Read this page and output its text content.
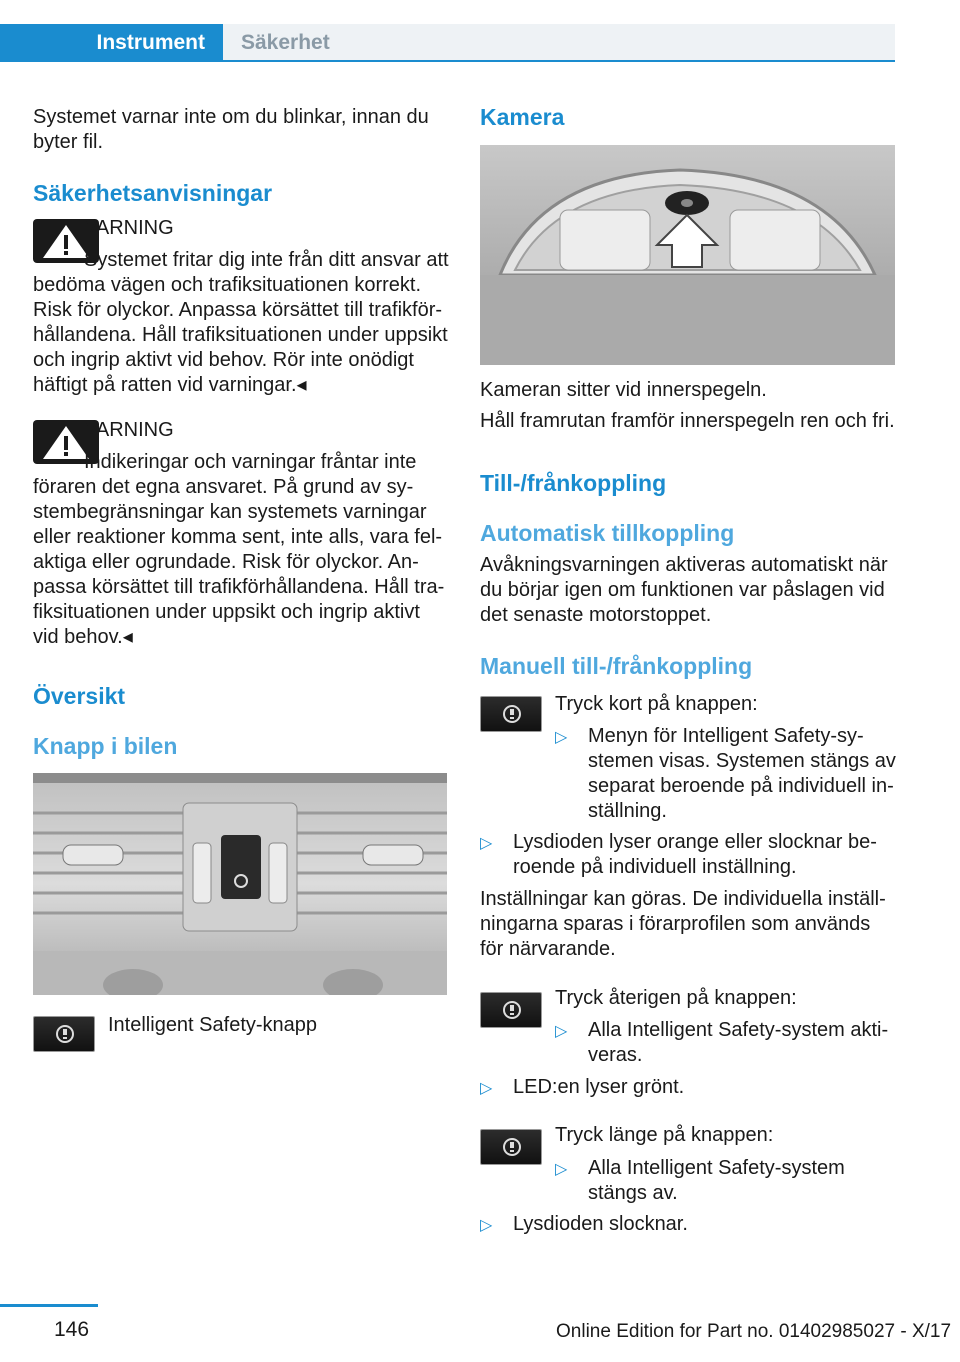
Instrument	Säkerhet

Systemet varnar inte om du blinkar, innan du byter fil.

Säkerhetsanvisningar

VARNING

Systemet fritar dig inte från ditt ansvar att

bedöma vägen och trafiksituationen korrekt. Risk för olyckor. Anpassa körsättet till trafikför-hållandena. Håll trafiksituationen under uppsikt och ingrip aktivt vid behov. Rör inte onödigt häftigt på ratten vid varningar.◂

VARNING

Indikeringar och varningar fråntar inte

föraren det egna ansvaret. På grund av sy-stembegränsningar kan systemets varningar eller reaktioner komma sent, inte alls, vara fel-aktiga eller ogrundade. Risk för olyckor. An-passa körsättet till trafikförhållandena. Håll tra-fiksituationen under uppsikt och ingrip aktivt vid behov.◂

Översikt
Knapp i bilen

Intelligent Safety-knapp

Kamera

Kameran sitter vid innerspegeln.

Håll framrutan framför innerspegeln ren och fri.

Till-/frånkoppling
Automatisk tillkoppling

Avåkningsvarningen aktiveras automatiskt när du börjar igen om funktionen var påslagen vid det senaste motorstoppet.

Manuell till-/frånkoppling

Tryck kort på knappen:

▷ Menyn för Intelligent Safety-sy-stemen visas. Systemen stängs av separat beroende på individuell in-ställning.

▷ Lysdioden lyser orange eller slocknar be-roende på individuell inställning.

Inställningar kan göras. De individuella inställ-ningarna sparas i förarprofilen som används för närvarande.

Tryck återigen på knappen:

▷ Alla Intelligent Safety-system akti-veras.

▷ LED:en lyser grönt.

Tryck länge på knappen:

▷ Alla Intelligent Safety-system stängs av.

▷ Lysdioden slocknar.

146	Online Edition for Part no. 01402985027 - X/17
